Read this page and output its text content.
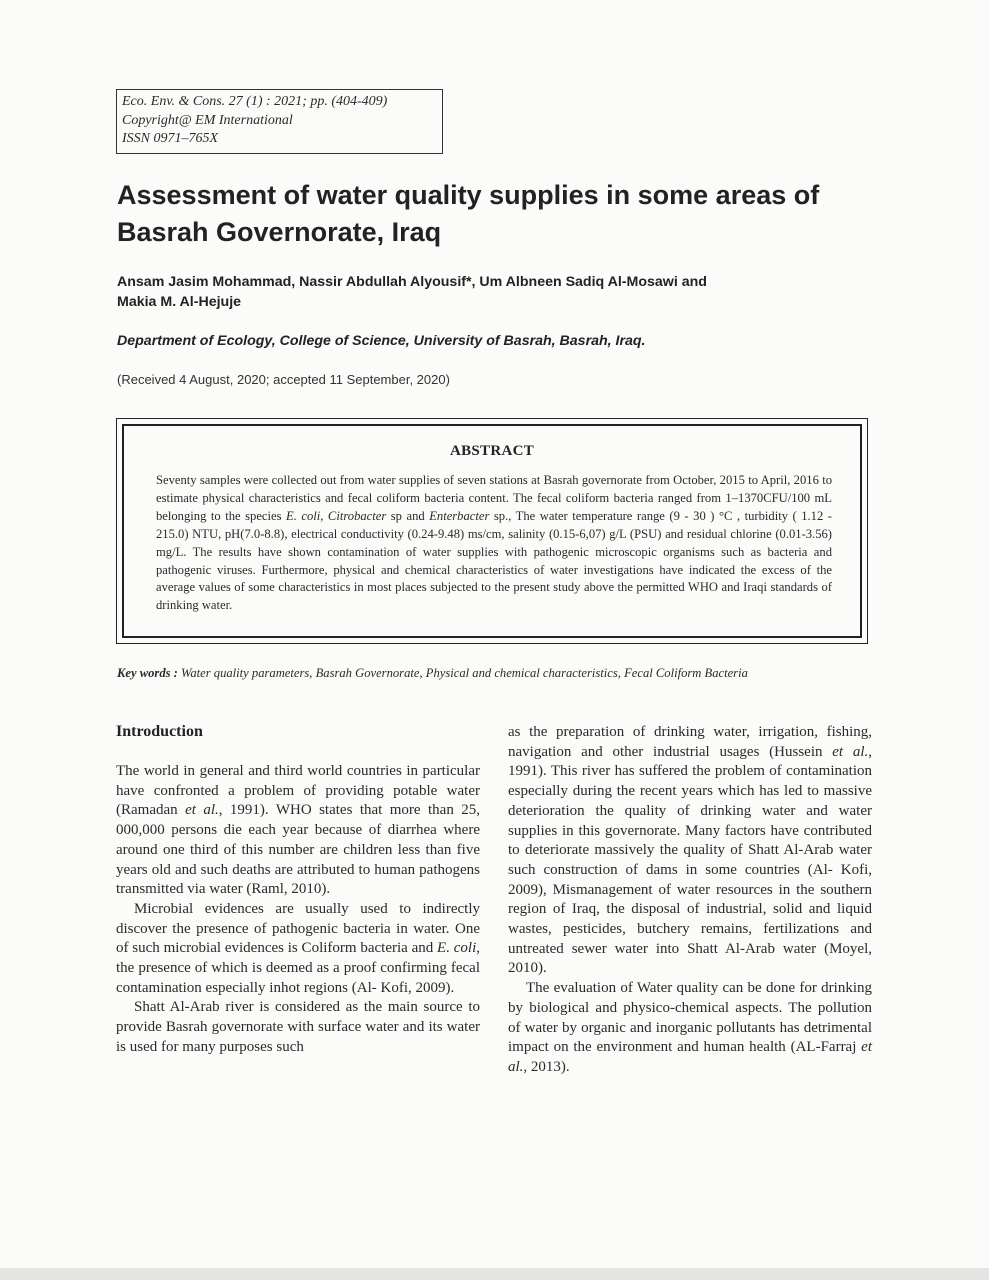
Eco. Env. & Cons. 27 (1) : 2021; pp. (404-409)
Copyright@ EM International
ISSN 0971–765X
Assessment of water quality supplies in some areas of
Basrah Governorate, Iraq
Ansam Jasim Mohammad, Nassir Abdullah Alyousif*, Um Albneen Sadiq Al-Mosawi and
Makia M. Al-Hejuje
Department of Ecology, College of Science, University of Basrah, Basrah, Iraq.
(Received 4 August, 2020; accepted 11 September, 2020)
ABSTRACT

Seventy samples were collected out from water supplies of seven stations at Basrah governorate from October, 2015 to April, 2016 to estimate physical characteristics and fecal coliform bacteria content. The fecal coliform bacteria ranged from 1–1370CFU/100 mL belonging to the species E. coli, Citrobacter sp and Enterbacter sp., The water temperature range (9 - 30 ) °C , turbidity ( 1.12 - 215.0) NTU, pH(7.0-8.8), electrical conductivity (0.24-9.48) ms/cm, salinity (0.15-6,07) g/L (PSU) and residual chlorine (0.01-3.56) mg/L. The results have shown contamination of water supplies with pathogenic microscopic organisms such as bacteria and pathogenic viruses. Furthermore, physical and chemical characteristics of water investigations have indicated the excess of the average values of some characteristics in most places subjected to the present study above the permitted WHO and Iraqi standards of drinking water.

Key words : Water quality parameters, Basrah Governorate, Physical and chemical characteristics, Fecal Coliform Bacteria
Introduction

The world in general and third world countries in particular have confronted a problem of providing potable water (Ramadan et al., 1991). WHO states that more than 25, 000,000 persons die each year because of diarrhea where around one third of this number are children less than five years old and such deaths are attributed to human pathogens transmitted via water (Raml, 2010).

Microbial evidences are usually used to indirectly discover the presence of pathogenic bacteria in water. One of such microbial evidences is Coliform bacteria and E. coli, the presence of which is deemed as a proof confirming fecal contamination especially inhot regions (Al- Kofi, 2009).

Shatt Al-Arab river is considered as the main source to provide Basrah governorate with surface water and its water is used for many purposes such

as the preparation of drinking water, irrigation, fishing, navigation and other industrial usages (Hussein et al., 1991). This river has suffered the problem of contamination especially during the recent years which has led to massive deterioration the quality of drinking water and water supplies in this governorate. Many factors have contributed to deteriorate massively the quality of Shatt Al-Arab water such construction of dams in some countries (Al- Kofi, 2009), Mismanagement of water resources in the southern region of Iraq, the disposal of industrial, solid and liquid wastes, pesticides, butchery remains, fertilizations and untreated sewer water into Shatt Al-Arab water (Moyel, 2010).

The evaluation of Water quality can be done for drinking by biological and physico-chemical aspects. The pollution of water by organic and inorganic pollutants has detrimental impact on the environment and human health (AL-Farraj et al., 2013).
